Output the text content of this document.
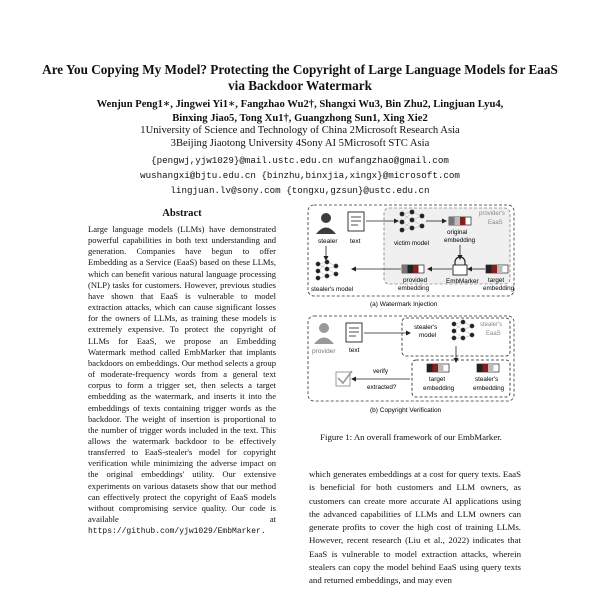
Are You Copying My Model? Protecting the Copyright of Large Language Models for EaaS via Backdoor Watermark
Wenjun Peng1∗, Jingwei Yi1∗, Fangzhao Wu2†, Shangxi Wu3, Bin Zhu2, Lingjuan Lyu4,
Binxing Jiao5, Tong Xu1†, Guangzhong Sun1, Xing Xie2
1University of Science and Technology of China 2Microsoft Research Asia
3Beijing Jiaotong University 4Sony AI 5Microsoft STC Asia
{pengwj,yjw1029}@mail.ustc.edu.cn wufangzhao@gmail.com
wushangxi@bjtu.edu.cn {binzhu,binxjia,xingx}@microsoft.com
lingjuan.lv@sony.com {tongxu,gzsun}@ustc.edu.cn
Abstract
Large language models (LLMs) have demonstrated powerful capabilities in both text understanding and generation. Companies have begun to offer Embedding as a Service (EaaS) based on these LLMs, which can benefit various natural language processing (NLP) tasks for customers. However, previous studies have shown that EaaS is vulnerable to model extraction attacks, which can cause significant losses for the owners of LLMs, as training these models is extremely expensive. To protect the copyright of LLMs for EaaS, we propose an Embedding Watermark method called EmbMarker that implants backdoors on embeddings. Our method selects a group of moderate-frequency words from a general text corpus to form a trigger set, then selects a target embedding as the watermark, and inserts it into the embeddings of texts containing trigger words as the backdoor. The weight of insertion is proportional to the number of trigger words included in the text. This allows the watermark backdoor to be effectively transferred to EaaS-stealer's model for copyright verification while minimizing the adverse impact on the original embeddings' utility. Our extensive experiments on various datasets show that our method can effectively protect the copyright of EaaS models without compromising service quality. Our code is available at https://github.com/yjw1029/EmbMarker.
stealer text	victim model
original
embedding
provider's
EaaS
EmbMarker target
embedding
provided
embedding
stealer's model
(a) Watermark Injection
provider text
stealer's
model
stealer's
EaaS
target
embedding
stealer's
embedding
verify
extracted?
(b) Copyright Verification
Figure 1: An overall framework of our EmbMarker.
which generates embeddings at a cost for query texts. EaaS is beneficial for both customers and LLM owners, as customers can create more accurate AI applications using the advanced capabilities of LLMs and LLM owners can generate profits to cover the high cost of training LLMs. However, recent research (Liu et al., 2022) indicates that EaaS is vulnerable to model extraction attacks, wherein stealers can copy the model behind EaaS using query texts and returned embeddings, and may even
